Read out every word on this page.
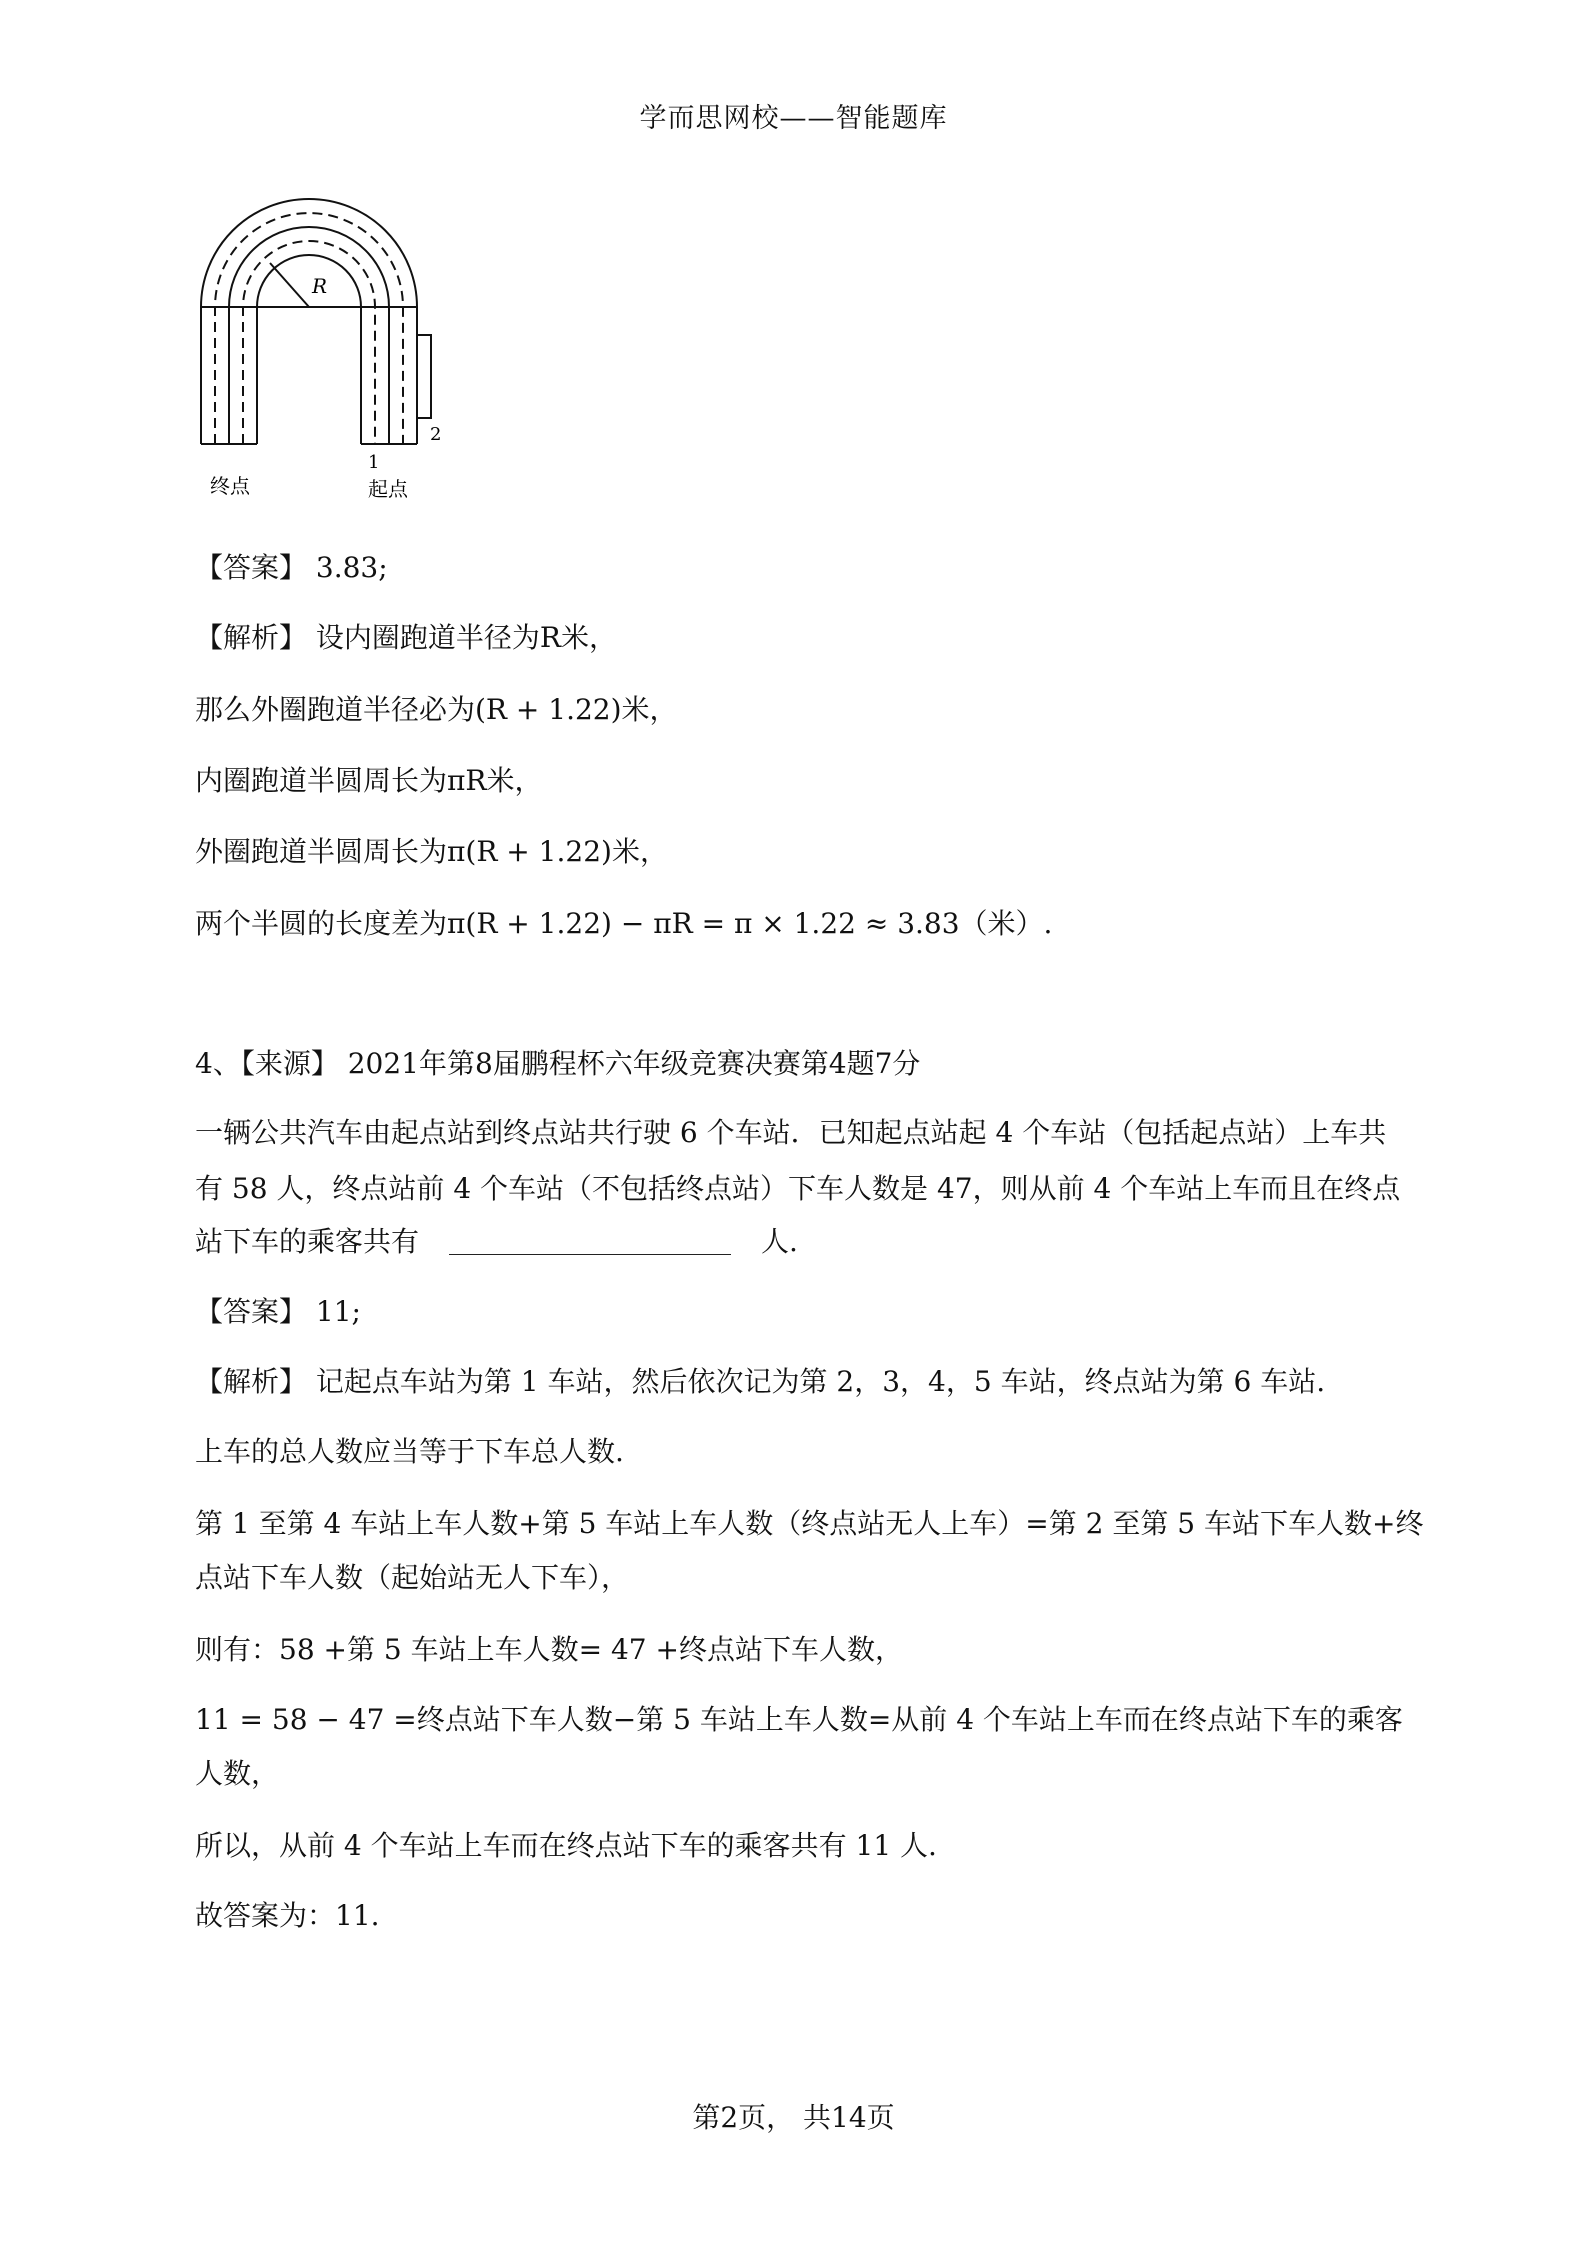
学而思网校——智能题库
R
2
1
终点	起点
【答案】 3.83;
【解析】 设内圈跑道半径为R米，
那么外圈跑道半径必为(R + 1.22)米，
内圈跑道半圆周长为πR米，
外圈跑道半圆周长为π(R + 1.22)米，
两个半圆的长度差为π(R + 1.22) − πR = π × 1.22 ≈ 3.83（米）.
4、【来源】 2021年第8届鹏程杯六年级竞赛决赛第4题7分
一辆公共汽车由起点站到终点站共行驶 6 个车站．已知起点站起 4 个车站（包括起点站）上车共
有 58 人，终点站前 4 个车站（不包括终点站）下车人数是 47，则从前 4 个车站上车而且在终点
站下车的乘客共有	人.
【答案】 11;
【解析】 记起点车站为第 1 车站，然后依次记为第 2，3，4，5 车站，终点站为第 6 车站.
上车的总人数应当等于下车总人数.
第 1 至第 4 车站上车人数+第 5 车站上车人数（终点站无人上车）=第 2 至第 5 车站下车人数+终
点站下车人数（起始站无人下车），
则有：58 +第 5 车站上车人数= 47 +终点站下车人数，
11 = 58 − 47 =终点站下车人数−第 5 车站上车人数=从前 4 个车站上车而在终点站下车的乘客
人数，
所以，从前 4 个车站上车而在终点站下车的乘客共有 11 人.
故答案为：11.
第2页， 共14页
